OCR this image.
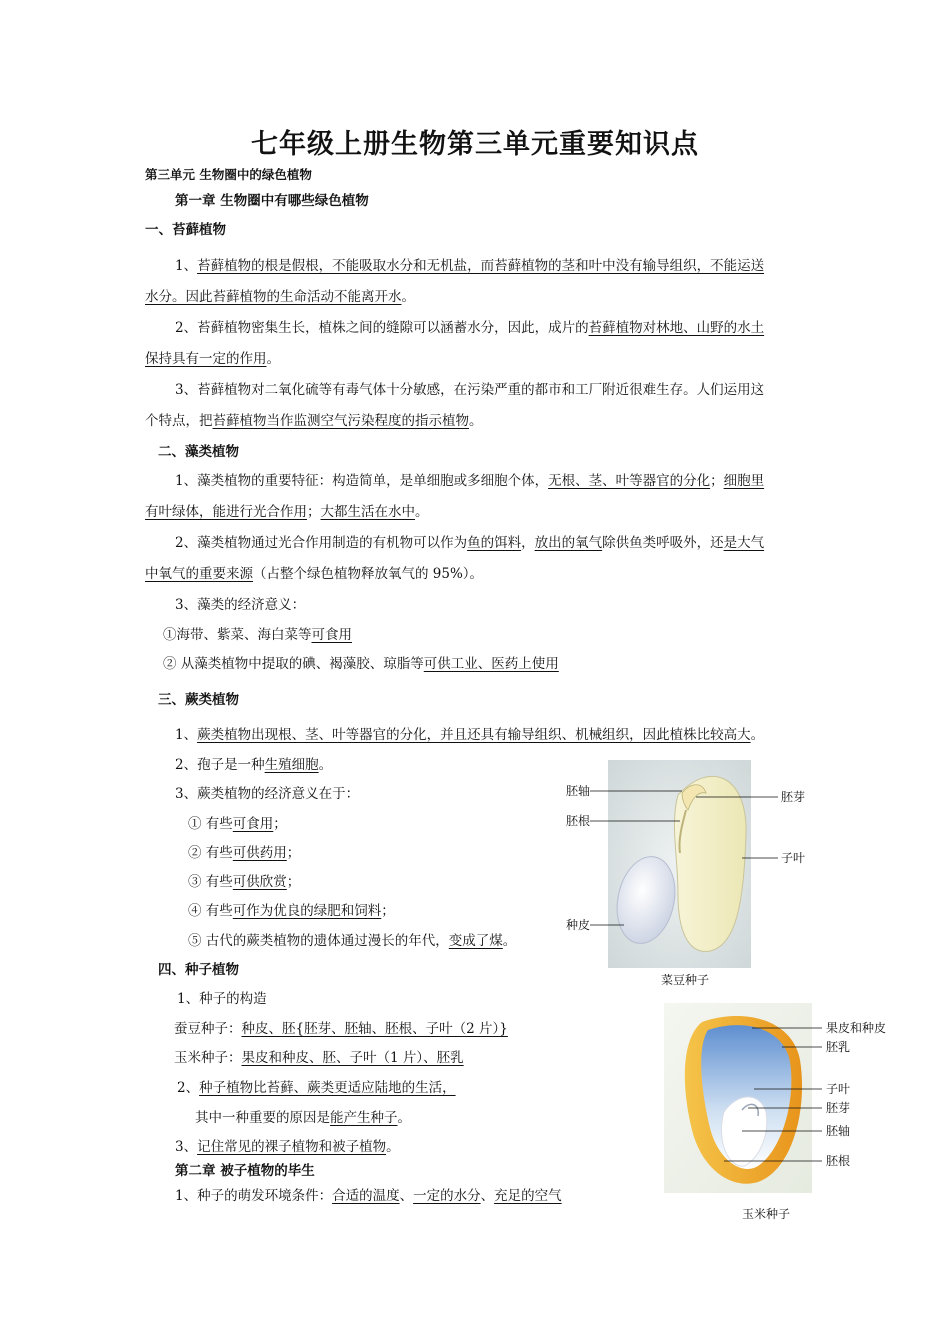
七年级上册生物第三单元重要知识点
第三单元 生物圈中的绿色植物
第一章 生物圈中有哪些绿色植物
一、苔藓植物
1、苔藓植物的根是假根，不能吸取水分和无机盐，而苔藓植物的茎和叶中没有输导组织，不能运送
水分。因此苔藓植物的生命活动不能离开水。
2、苔藓植物密集生长，植株之间的缝隙可以涵蓄水分，因此，成片的苔藓植物对林地、山野的水土
保持具有一定的作用。
3、苔藓植物对二氧化硫等有毒气体十分敏感，在污染严重的都市和工厂附近很难生存。人们运用这
个特点，把苔藓植物当作监测空气污染程度的指示植物。
二、藻类植物
1、藻类植物的重要特征：构造简单，是单细胞或多细胞个体，无根、茎、叶等器官的分化；细胞里
有叶绿体，能进行光合作用；大都生活在水中。
2、藻类植物通过光合作用制造的有机物可以作为鱼的饵料，放出的氧气除供鱼类呼吸外，还是大气
中氧气的重要来源（占整个绿色植物释放氧气的 95%）。
3、藻类的经济意义：
①海带、紫菜、海白菜等可食用
② 从藻类植物中提取的碘、褐藻胶、琼脂等可供工业、医药上使用
三、蕨类植物
1、蕨类植物出现根、茎、叶等器官的分化，并且还具有输导组织、机械组织，因此植株比较高大。
2、孢子是一种生殖细胞。
3、蕨类植物的经济意义在于：
① 有些可食用；
② 有些可供药用；
③ 有些可供欣赏；
④ 有些可作为优良的绿肥和饲料；
⑤ 古代的蕨类植物的遗体通过漫长的年代，变成了煤。
四、种子植物
1、种子的构造
蚕豆种子：种皮、胚{胚芽、胚轴、胚根、子叶（2 片）}
玉米种子：果皮和种皮、胚、子叶（1 片）、胚乳
2、种子植物比苔藓、蕨类更适应陆地的生活，
其中一种重要的原因是能产生种子。
3、记住常见的裸子植物和被子植物。
第二章 被子植物的毕生
1、种子的萌发环境条件：合适的温度、一定的水分、充足的空气
胚轴
胚根
种皮
胚芽
子叶
菜豆种子
果皮和种皮
胚乳
子叶
胚芽
胚轴
胚根
玉米种子
